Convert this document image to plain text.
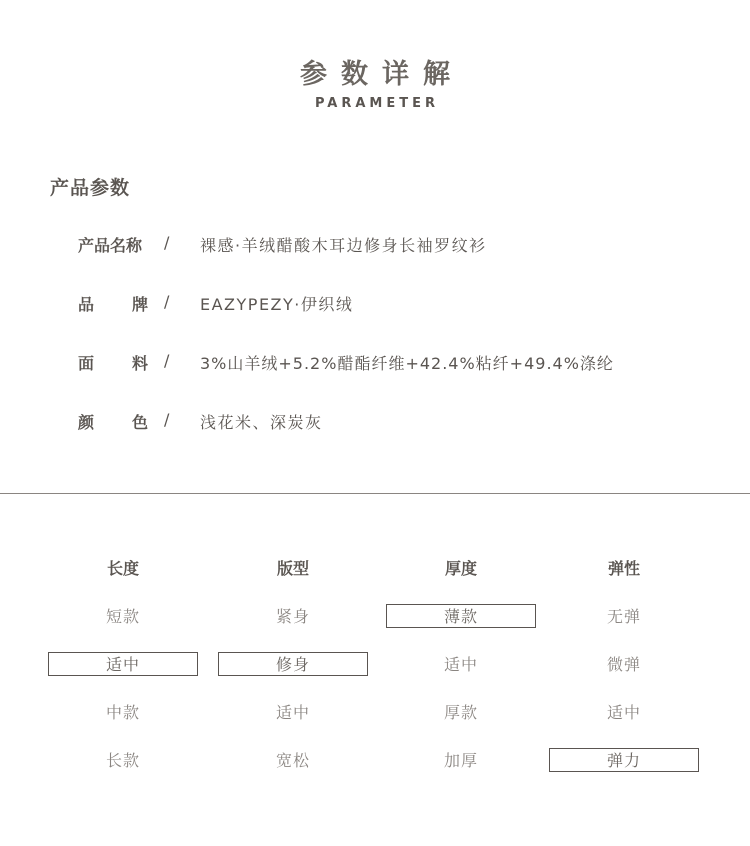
参数详解
PARAMETER
产品参数
产品名称	/ 裸感·羊绒醋酸木耳边修身长袖罗纹衫
品 牌 / EAZYPEZY·伊织绒
面 料 / 3%山羊绒+5.2%醋酯纤维+42.4%粘纤+49.4%涤纶
颜 色 / 浅花米、深炭灰
长度
短款
适中
中款
长款
版型
紧身
修身
适中
宽松
厚度
薄款
适中
厚款
加厚
弹性
无弹
微弹
适中
弹力
